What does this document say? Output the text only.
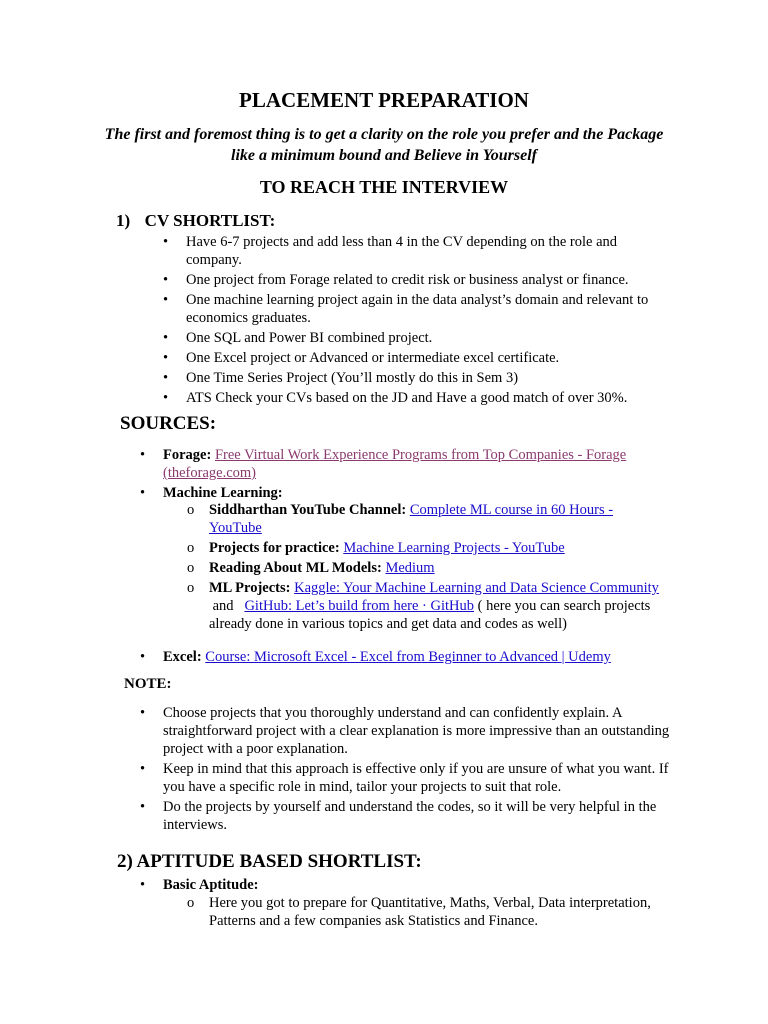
PLACEMENT PREPARATION
The first and foremost thing is to get a clarity on the role you prefer and the Package like a minimum bound and Believe in Yourself
TO REACH THE INTERVIEW
1) CV SHORTLIST:
• Have 6-7 projects and add less than 4 in the CV depending on the role and company.
• One project from Forage related to credit risk or business analyst or finance.
• One machine learning project again in the data analyst’s domain and relevant to economics graduates.
• One SQL and Power BI combined project.
• One Excel project or Advanced or intermediate excel certificate.
• One Time Series Project (You’ll mostly do this in Sem 3)
• ATS Check your CVs based on the JD and Have a good match of over 30%.
SOURCES:
• Forage: Free Virtual Work Experience Programs from Top Companies - Forage (theforage.com)
• Machine Learning:
o Siddharthan YouTube Channel: Complete ML course in 60 Hours - YouTube
o Projects for practice: Machine Learning Projects - YouTube
o Reading About ML Models: Medium
o ML Projects: Kaggle: Your Machine Learning and Data Science Community  and GitHub: Let’s build from here · GitHub ( here you can search projects already done in various topics and get data and codes as well)
• Excel: Course: Microsoft Excel - Excel from Beginner to Advanced | Udemy
NOTE:
• Choose projects that you thoroughly understand and can confidently explain. A straightforward project with a clear explanation is more impressive than an outstanding project with a poor explanation.
• Keep in mind that this approach is effective only if you are unsure of what you want. If you have a specific role in mind, tailor your projects to suit that role.
• Do the projects by yourself and understand the codes, so it will be very helpful in the interviews.
2) APTITUDE BASED SHORTLIST:
• Basic Aptitude:
o Here you got to prepare for Quantitative, Maths, Verbal, Data interpretation, Patterns and a few companies ask Statistics and Finance.
